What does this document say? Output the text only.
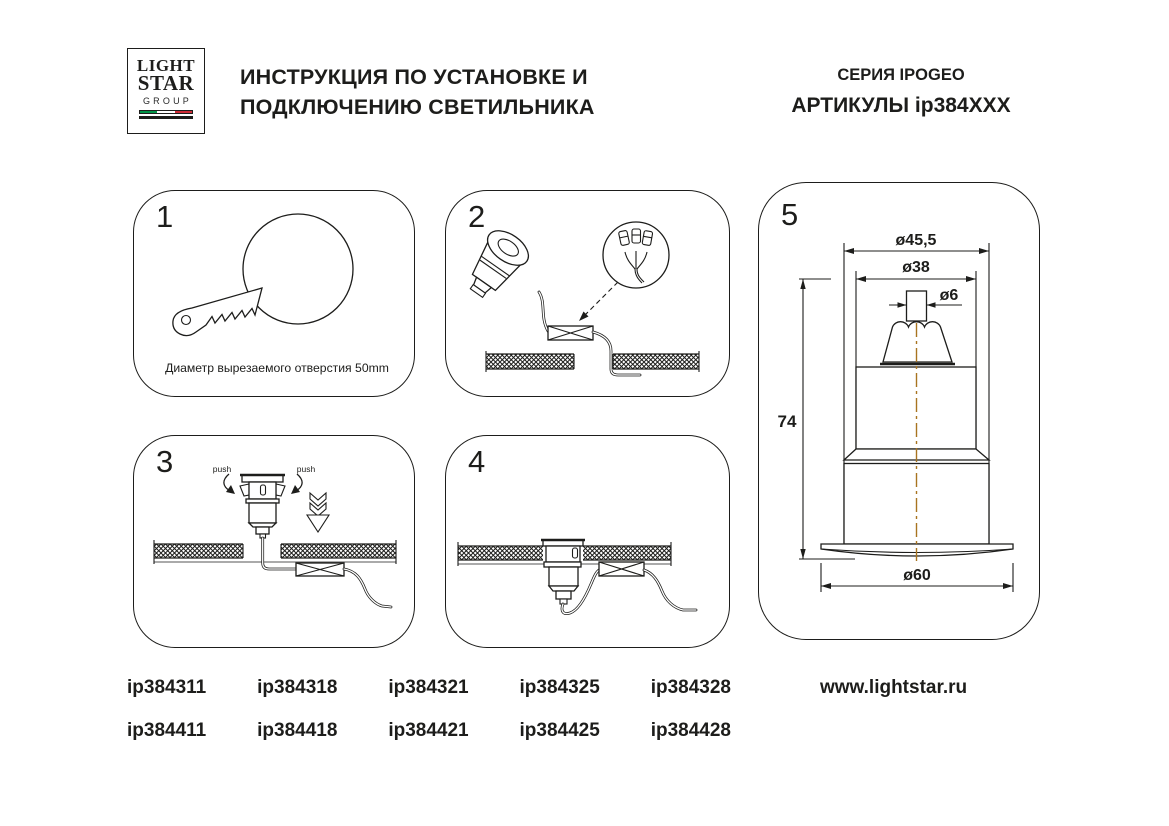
LIGHT
STAR
GROUP
ИНСТРУКЦИЯ ПО УСТАНОВКЕ И
ПОДКЛЮЧЕНИЮ СВЕТИЛЬНИКА
СЕРИЯ IPOGEO
АРТИКУЛЫ ip384XXX
1
Диаметр вырезаемого отверстия 50mm
2
3	push	push	4
5
ø45,5
ø38
ø6
74
ø60
ip384311	ip384318	ip384321	ip384325	ip384328
ip384411	ip384418	ip384421	ip384425	ip384428
www.lightstar.ru
